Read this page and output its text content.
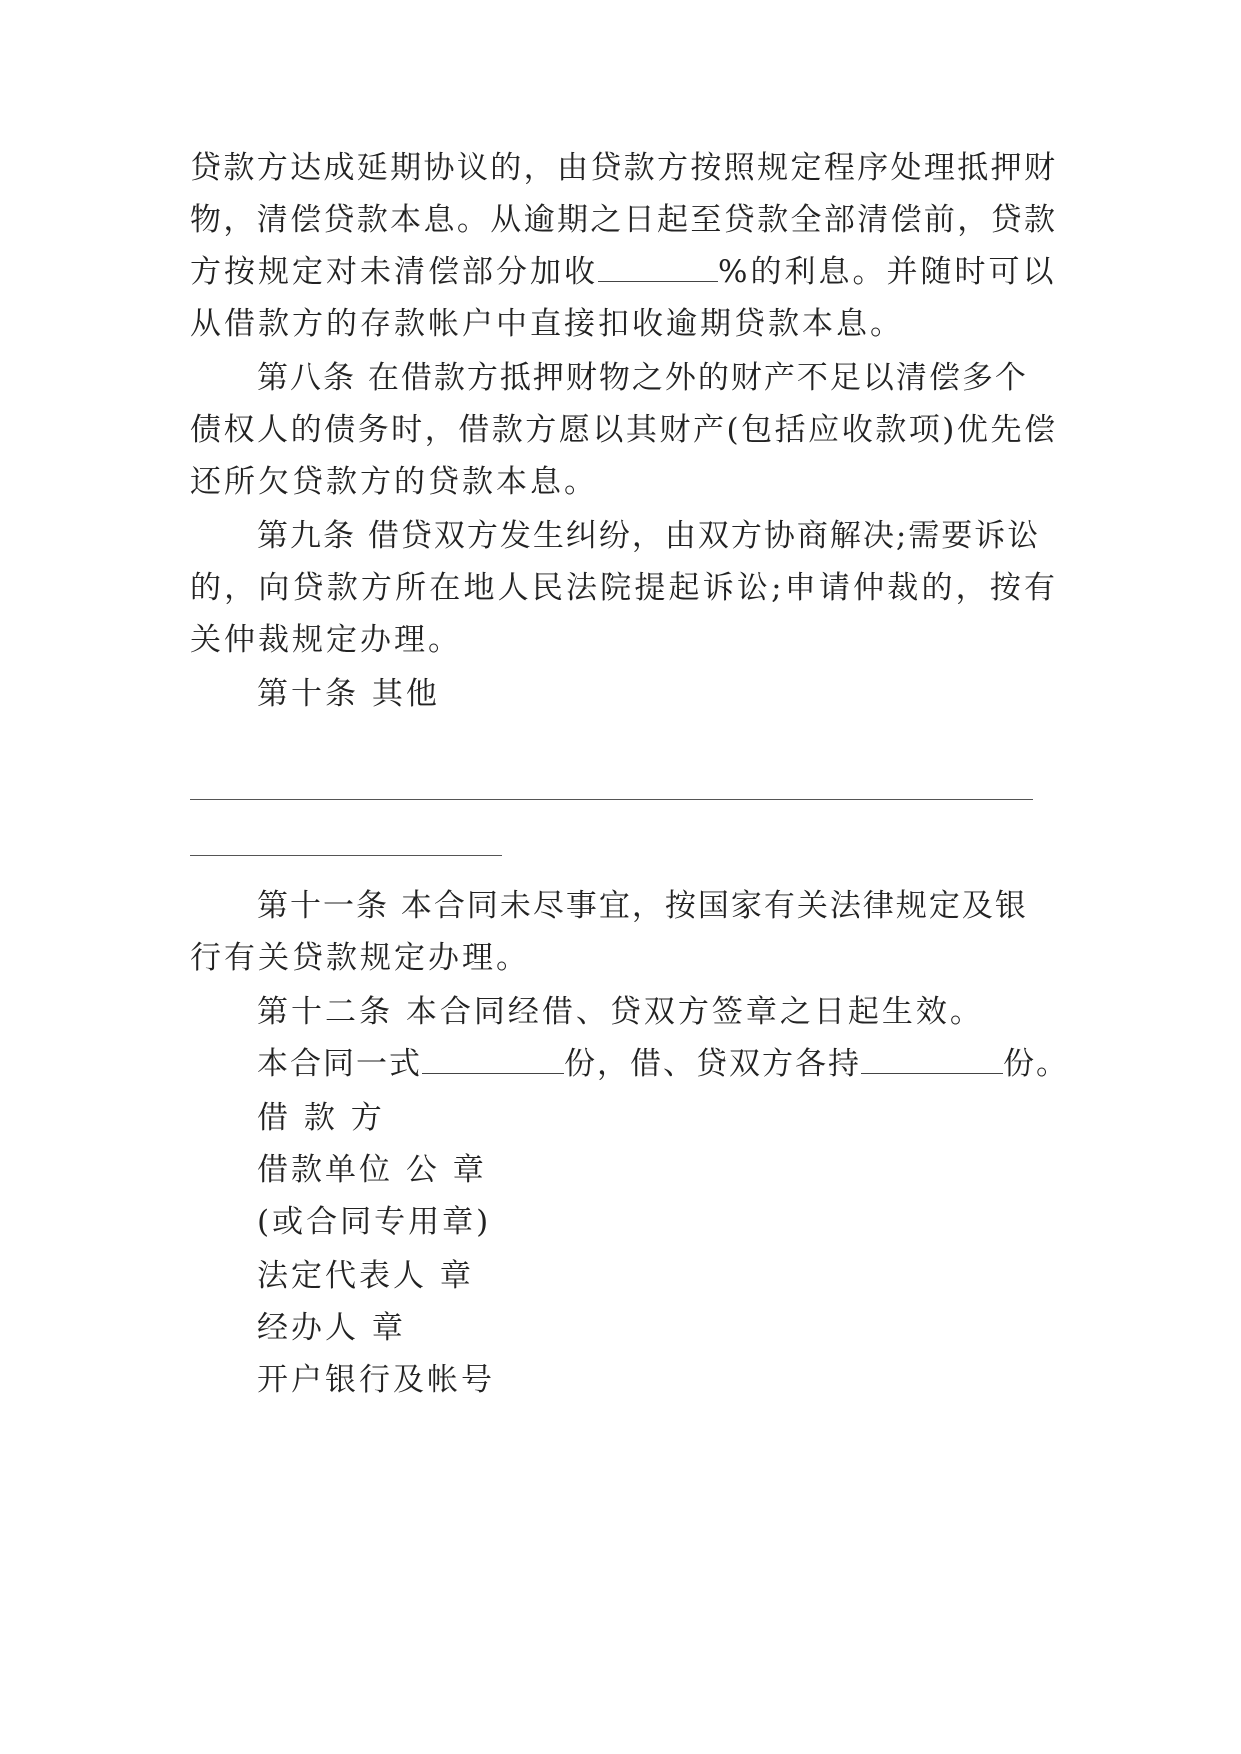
贷款方达成延期协议的，由贷款方按照规定程序处理抵押财
物，清偿贷款本息。从逾期之日起至贷款全部清偿前，贷款
方按规定对未清偿部分加收	%的利息。并随时可以
从借款方的存款帐户中直接扣收逾期贷款本息。
第八条 在借款方抵押财物之外的财产不足以清偿多个
债权人的债务时，借款方愿以其财产(包括应收款项)优先偿
还所欠贷款方的贷款本息。
第九条 借贷双方发生纠纷，由双方协商解决;需要诉讼
的，向贷款方所在地人民法院提起诉讼;申请仲裁的，按有
关仲裁规定办理。
第十条 其他
第十一条 本合同未尽事宜，按国家有关法律规定及银
行有关贷款规定办理。
第十二条 本合同经借、贷双方签章之日起生效。
本合同一式	份，借、贷双方各持	份。
借 款 方
借款单位 公 章
(或合同专用章)
法定代表人 章
经办人 章
开户银行及帐号
